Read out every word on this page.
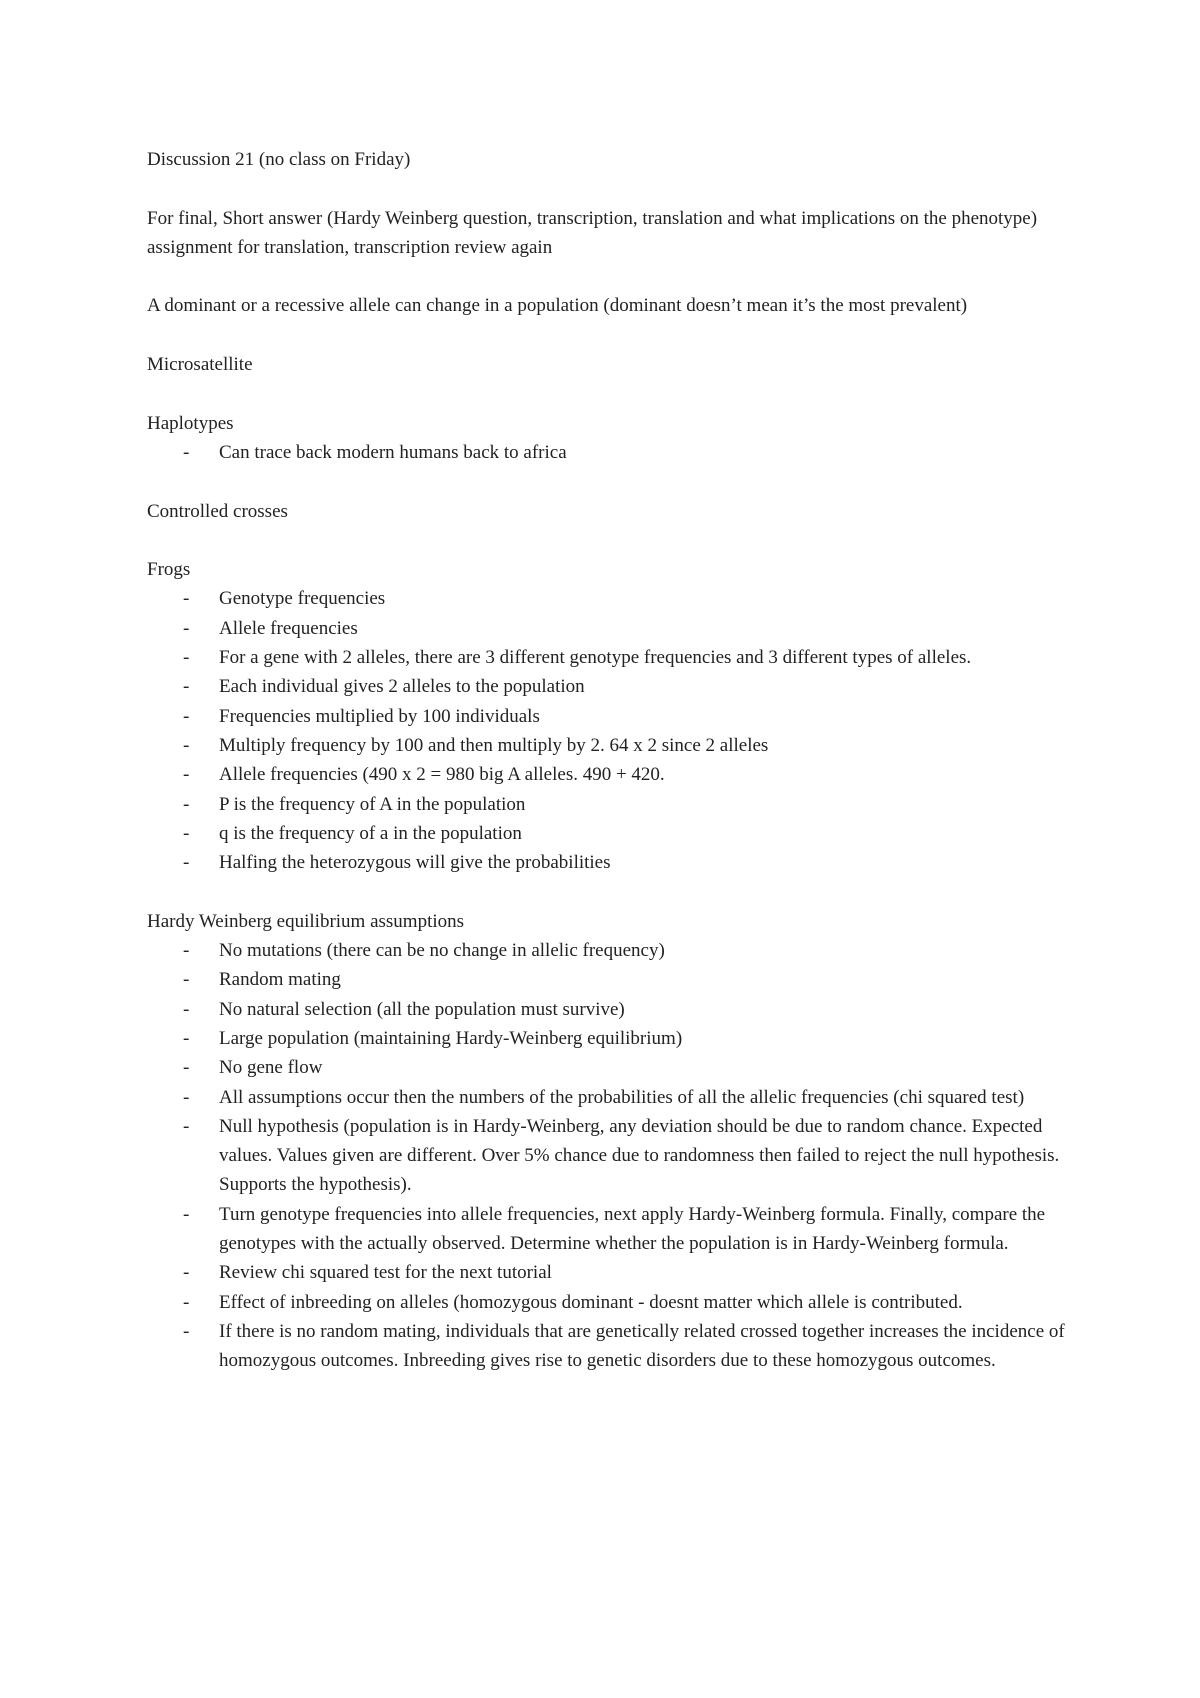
Discussion 21 (no class on Friday)

For final, Short answer (Hardy Weinberg question, transcription, translation and what implications on the phenotype) assignment for translation, transcription review again

A dominant or a recessive allele can change in a population (dominant doesn’t mean it’s the most prevalent)

Microsatellite

Haplotypes

- Can trace back modern humans back to africa

Controlled crosses

Frogs

- Genotype frequencies
- Allele frequencies
- For a gene with 2 alleles, there are 3 different genotype frequencies and 3 different types of alleles.
- Each individual gives 2 alleles to the population
- Frequencies multiplied by 100 individuals
- Multiply frequency by 100 and then multiply by 2. 64 x 2 since 2 alleles
- Allele frequencies (490 x 2 = 980 big A alleles. 490 + 420.
- P is the frequency of A in the population
- q is the frequency of a in the population
- Halfing the heterozygous will give the probabilities

Hardy Weinberg equilibrium assumptions

- No mutations (there can be no change in allelic frequency)
- Random mating
- No natural selection (all the population must survive)
- Large population (maintaining Hardy-Weinberg equilibrium)
- No gene flow
- All assumptions occur then the numbers of the probabilities of all the allelic frequencies (chi squared test)
- Null hypothesis (population is in Hardy-Weinberg, any deviation should be due to random chance. Expected values. Values given are different. Over 5% chance due to randomness then failed to reject the null hypothesis. Supports the hypothesis).
- Turn genotype frequencies into allele frequencies, next apply Hardy-Weinberg formula. Finally, compare the genotypes with the actually observed. Determine whether the population is in Hardy-Weinberg formula.
- Review chi squared test for the next tutorial
- Effect of inbreeding on alleles (homozygous dominant - doesnt matter which allele is contributed.
- If there is no random mating, individuals that are genetically related crossed together increases the incidence of homozygous outcomes. Inbreeding gives rise to genetic disorders due to these homozygous outcomes.
